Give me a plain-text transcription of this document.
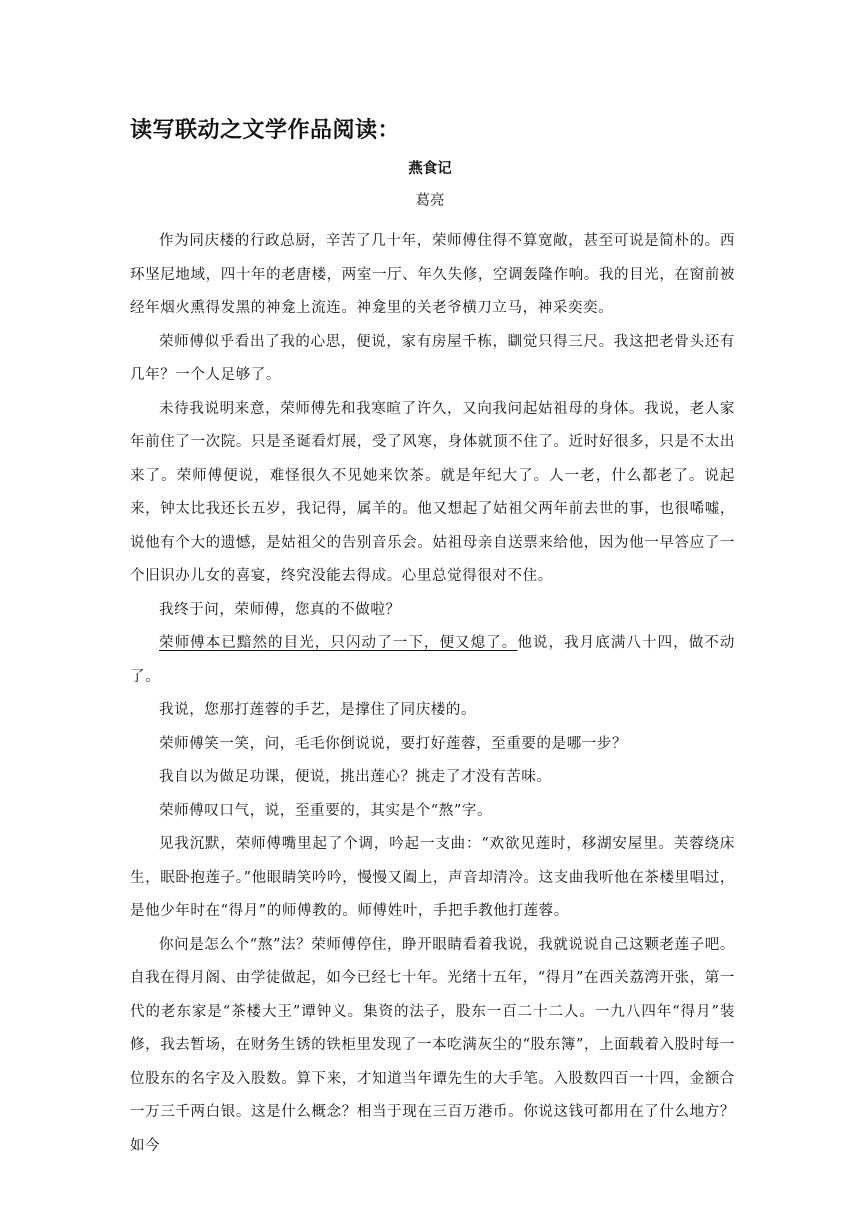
读写联动之文学作品阅读：
燕食记
葛亮

作为同庆楼的行政总厨，辛苦了几十年，荣师傅住得不算宽敞，甚至可说是简朴的。西环坚尼地域，四十年的老唐楼，两室一厅、年久失修，空调轰隆作响。我的目光，在窗前被经年烟火熏得发黑的神龛上流连。神龛里的关老爷横刀立马，神采奕奕。

荣师傅似乎看出了我的心思，便说，家有房屋千栋，瞓觉只得三尺。我这把老骨头还有几年？一个人足够了。

未待我说明来意，荣师傅先和我寒暄了许久，又向我问起姑祖母的身体。我说，老人家年前住了一次院。只是圣诞看灯展，受了风寒，身体就顶不住了。近时好很多，只是不太出来了。荣师傅便说，难怪很久不见她来饮茶。就是年纪大了。人一老，什么都老了。说起来，钟太比我还长五岁，我记得，属羊的。他又想起了姑祖父两年前去世的事，也很唏嘘，说他有个大的遗憾，是姑祖父的告别音乐会。姑祖母亲自送票来给他，因为他一早答应了一个旧识办儿女的喜宴，终究没能去得成。心里总觉得很对不住。

我终于问，荣师傅，您真的不做啦？

荣师傅本已黯然的目光，只闪动了一下，便又熄了。他说，我月底满八十四，做不动了。

我说，您那打莲蓉的手艺，是撑住了同庆楼的。

荣师傅笑一笑，问，毛毛你倒说说，要打好莲蓉，至重要的是哪一步？

我自以为做足功课，便说，挑出莲心？挑走了才没有苦味。

荣师傅叹口气，说，至重要的，其实是个“熬”字。

见我沉默，荣师傅嘴里起了个调，吟起一支曲：“欢欲见莲时，移湖安屋里。芙蓉绕床生，眠卧抱莲子。”他眼睛笑吟吟，慢慢又阖上，声音却清冷。这支曲我听他在茶楼里唱过，是他少年时在“得月”的师傅教的。师傅姓叶，手把手教他打莲蓉。

你问是怎么个“熬”法？荣师傅停住，睁开眼睛看着我说，我就说说自己这颗老莲子吧。自我在得月阁、由学徒做起，如今已经七十年。光绪十五年，“得月”在西关荔湾开张，第一代的老东家是“茶楼大王”谭钟义。集资的法子，股东一百二十二人。一九八四年“得月”装修，我去暂场，在财务生锈的铁柜里发现了一本吃满灰尘的“股东簿”，上面载着入股时每一位股东的名字及入股数。算下来，才知道当年谭先生的大手笔。入股数四百一十四，金额合一万三千两白银。这是什么概念？相当于现在三百万港币。你说这钱可都用在了什么地方？如今
